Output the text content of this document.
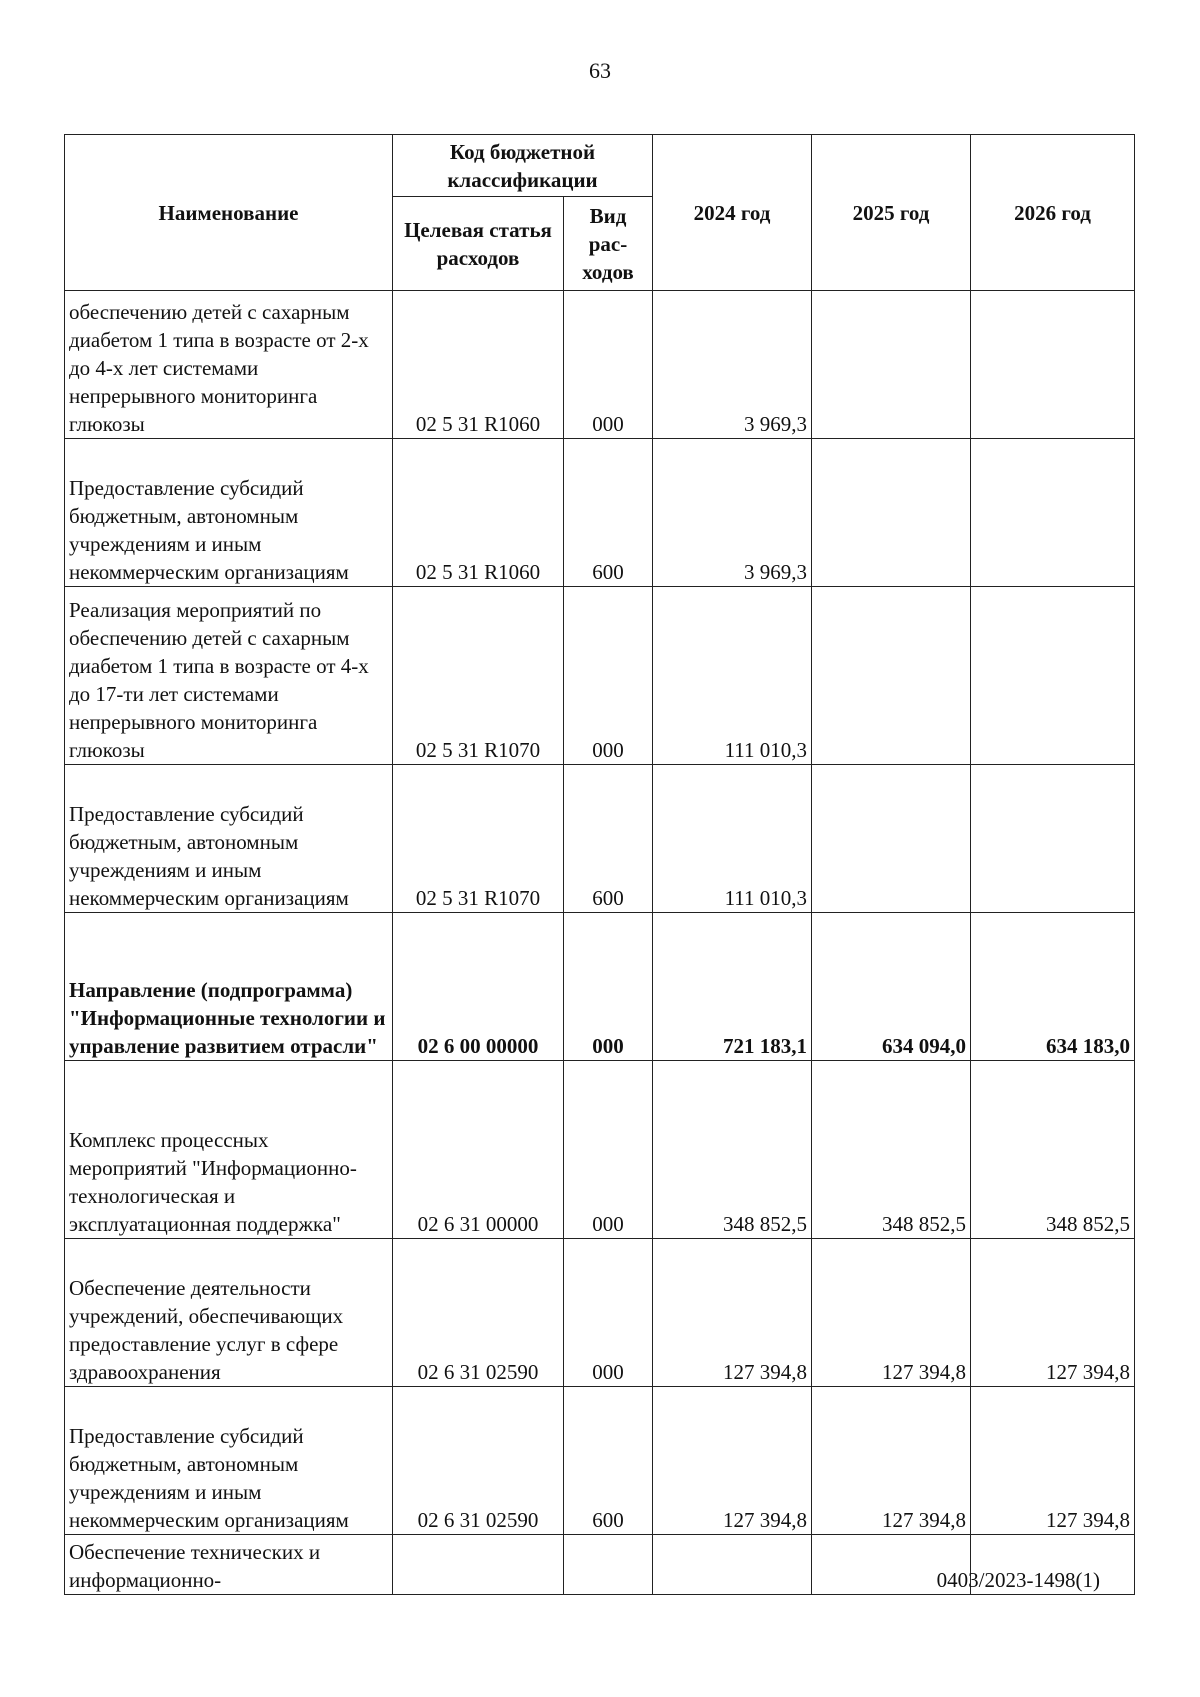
63
Наименование	Код бюджетной классификации		2024 год	2025 год	2026 год
	Целевая статья расходов	Вид рас- ходов			
обеспечению детей с сахарным диабетом 1 типа в возрасте от 2-х до 4-х лет системами непрерывного мониторинга глюкозы	02 5 31 R1060	000	3 969,3		
Предоставление субсидий бюджетным, автономным учреждениям и иным некоммерческим организациям	02 5 31 R1060	600	3 969,3		
Реализация мероприятий по обеспечению детей с сахарным диабетом 1 типа в возрасте от 4-х до 17-ти лет системами непрерывного мониторинга глюкозы	02 5 31 R1070	000	111 010,3		
Предоставление субсидий бюджетным, автономным учреждениям и иным некоммерческим организациям	02 5 31 R1070	600	111 010,3		
Направление (подпрограмма) "Информационные технологии и управление развитием отрасли"	02 6 00 00000	000	721 183,1	634 094,0	634 183,0
Комплекс процессных мероприятий "Информационно-технологическая и эксплуатационная поддержка"	02 6 31 00000	000	348 852,5	348 852,5	348 852,5
Обеспечение деятельности учреждений, обеспечивающих предоставление услуг в сфере здравоохранения	02 6 31 02590	000	127 394,8	127 394,8	127 394,8
Предоставление субсидий бюджетным, автономным учреждениям и иным некоммерческим организациям	02 6 31 02590	600	127 394,8	127 394,8	127 394,8
Обеспечение технических и информационно-						0403/2023-1498(1)
